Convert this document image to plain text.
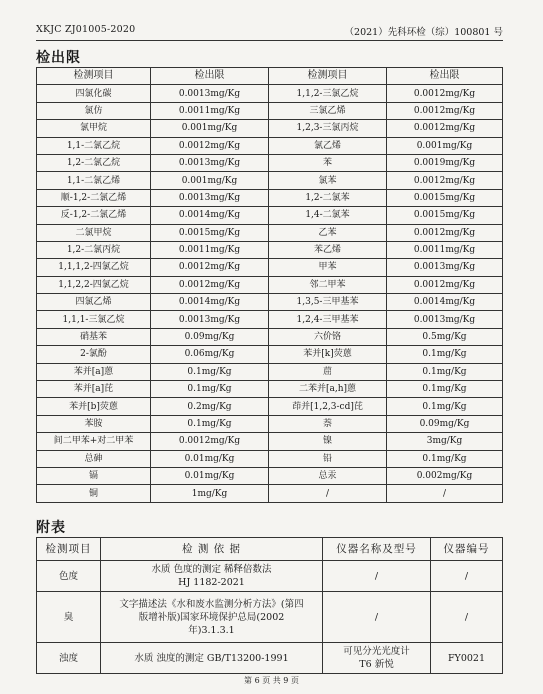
XKJC ZJ01005-2020	（2021）先科环检（综）100801 号
检出限
检测项目	检出限	检测项目	检出限
四氯化碳	0.0013mg/Kg	1,1,2-三氯乙烷	0.0012mg/Kg
氯仿	0.0011mg/Kg	三氯乙烯	0.0012mg/Kg
氯甲烷	0.001mg/Kg	1,2,3-三氯丙烷	0.0012mg/Kg
1,1-二氯乙烷	0.0012mg/Kg	氯乙烯	0.001mg/Kg
1,2-二氯乙烷	0.0013mg/Kg	苯	0.0019mg/Kg
1,1-二氯乙烯	0.001mg/Kg	氯苯	0.0012mg/Kg
顺-1,2-二氯乙烯	0.0013mg/Kg	1,2-二氯苯	0.0015mg/Kg
反-1,2-二氯乙烯	0.0014mg/Kg	1,4-二氯苯	0.0015mg/Kg
二氯甲烷	0.0015mg/Kg	乙苯	0.0012mg/Kg
1,2-二氯丙烷	0.0011mg/Kg	苯乙烯	0.0011mg/Kg
1,1,1,2-四氯乙烷	0.0012mg/Kg	甲苯	0.0013mg/Kg
1,1,2,2-四氯乙烷	0.0012mg/Kg	邻二甲苯	0.0012mg/Kg
四氯乙烯	0.0014mg/Kg	1,3,5-三甲基苯	0.0014mg/Kg
1,1,1-三氯乙烷	0.0013mg/Kg	1,2,4-三甲基苯	0.0013mg/Kg
硝基苯	0.09mg/Kg	六价铬	0.5mg/Kg
2-氯酚	0.06mg/Kg	苯并[k]荧蒽	0.1mg/Kg
苯并[a]蒽	0.1mg/Kg	䓛	0.1mg/Kg
苯并[a]芘	0.1mg/Kg	二苯并[a,h]蒽	0.1mg/Kg
苯并[b]荧蒽	0.2mg/Kg	茚并[1,2,3-cd]芘	0.1mg/Kg
苯胺	0.1mg/Kg	萘	0.09mg/Kg
间二甲苯+对二甲苯	0.0012mg/Kg	镍	3mg/Kg
总砷	0.01mg/Kg	铅	0.1mg/Kg
镉	0.01mg/Kg	总汞	0.002mg/Kg
铜	1mg/Kg	/	/
附表
检测项目	检 测 依 据	仪器名称及型号	仪器编号
色度	水质 色度的测定 稀释倍数法
HJ 1182-2021	/	/
臭	文字描述法《水和废水监测分析方法》(第四
版增补版)国家环境保护总局(2002
年)3.1.3.1	/	/
浊度	水质 浊度的测定 GB/T13200-1991	可见分光光度计
T6 新悦	FY0021
第 6 页 共 9 页
